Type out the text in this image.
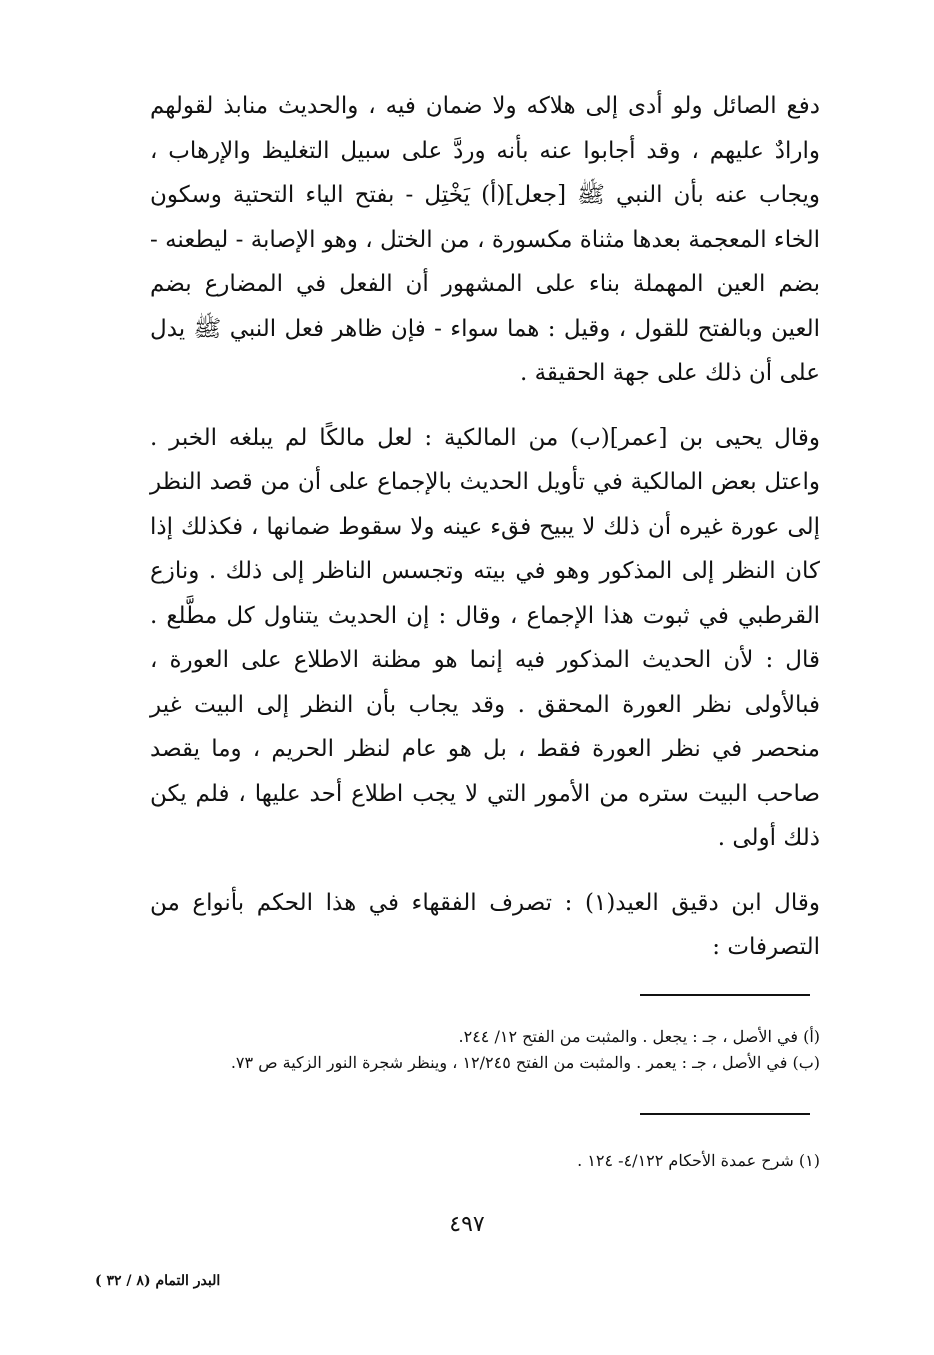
دفع الصائل ولو أدى إلى هلاكه ولا ضمان فيه ، والحديث منابذ لقولهم وارادٌ عليهم ، وقد أجابوا عنه بأنه وردَّ على سبيل التغليظ والإرهاب ، ويجاب عنه بأن النبي ﷺ [جعل](أ) يَخْتِل - بفتح الياء التحتية وسكون الخاء المعجمة بعدها مثناة مكسورة ، من الختل ، وهو الإصابة - ليطعنه - بضم العين المهملة بناء على المشهور أن الفعل في المضارع بضم العين وبالفتح للقول ، وقيل : هما سواء - فإن ظاهر فعل النبي ﷺ يدل على أن ذلك على جهة الحقيقة .

وقال يحيى بن [عمر](ب) من المالكية : لعل مالكًا لم يبلغه الخبر . واعتل بعض المالكية في تأويل الحديث بالإجماع على أن من قصد النظر إلى عورة غيره أن ذلك لا يبيح فقء عينه ولا سقوط ضمانها ، فكذلك إذا كان النظر إلى المذكور وهو في بيته وتجسس الناظر إلى ذلك . ونازع القرطبي في ثبوت هذا الإجماع ، وقال : إن الحديث يتناول كل مطَّلع . قال : لأن الحديث المذكور فيه إنما هو مظنة الاطلاع على العورة ، فبالأولى نظر العورة المحقق . وقد يجاب بأن النظر إلى البيت غير منحصر في نظر العورة فقط ، بل هو عام لنظر الحريم ، وما يقصد صاحب البيت ستره من الأمور التي لا يجب اطلاع أحد عليها ، فلم يكن ذلك أولى .

وقال ابن دقيق العيد(١) : تصرف الفقهاء في هذا الحكم بأنواع من التصرفات :

(أ) في الأصل ، جـ : يجعل . والمثبت من الفتح ١٢/ ٢٤٤.

(ب) في الأصل ، جـ : يعمر . والمثبت من الفتح ١٢/٢٤٥ ، وينظر شجرة النور الزكية ص ٧٣.

(١) شرح عمدة الأحكام ٤/١٢٢- ١٢٤ .

٤٩٧
البدر التمام (٨ / ٣٢ )
